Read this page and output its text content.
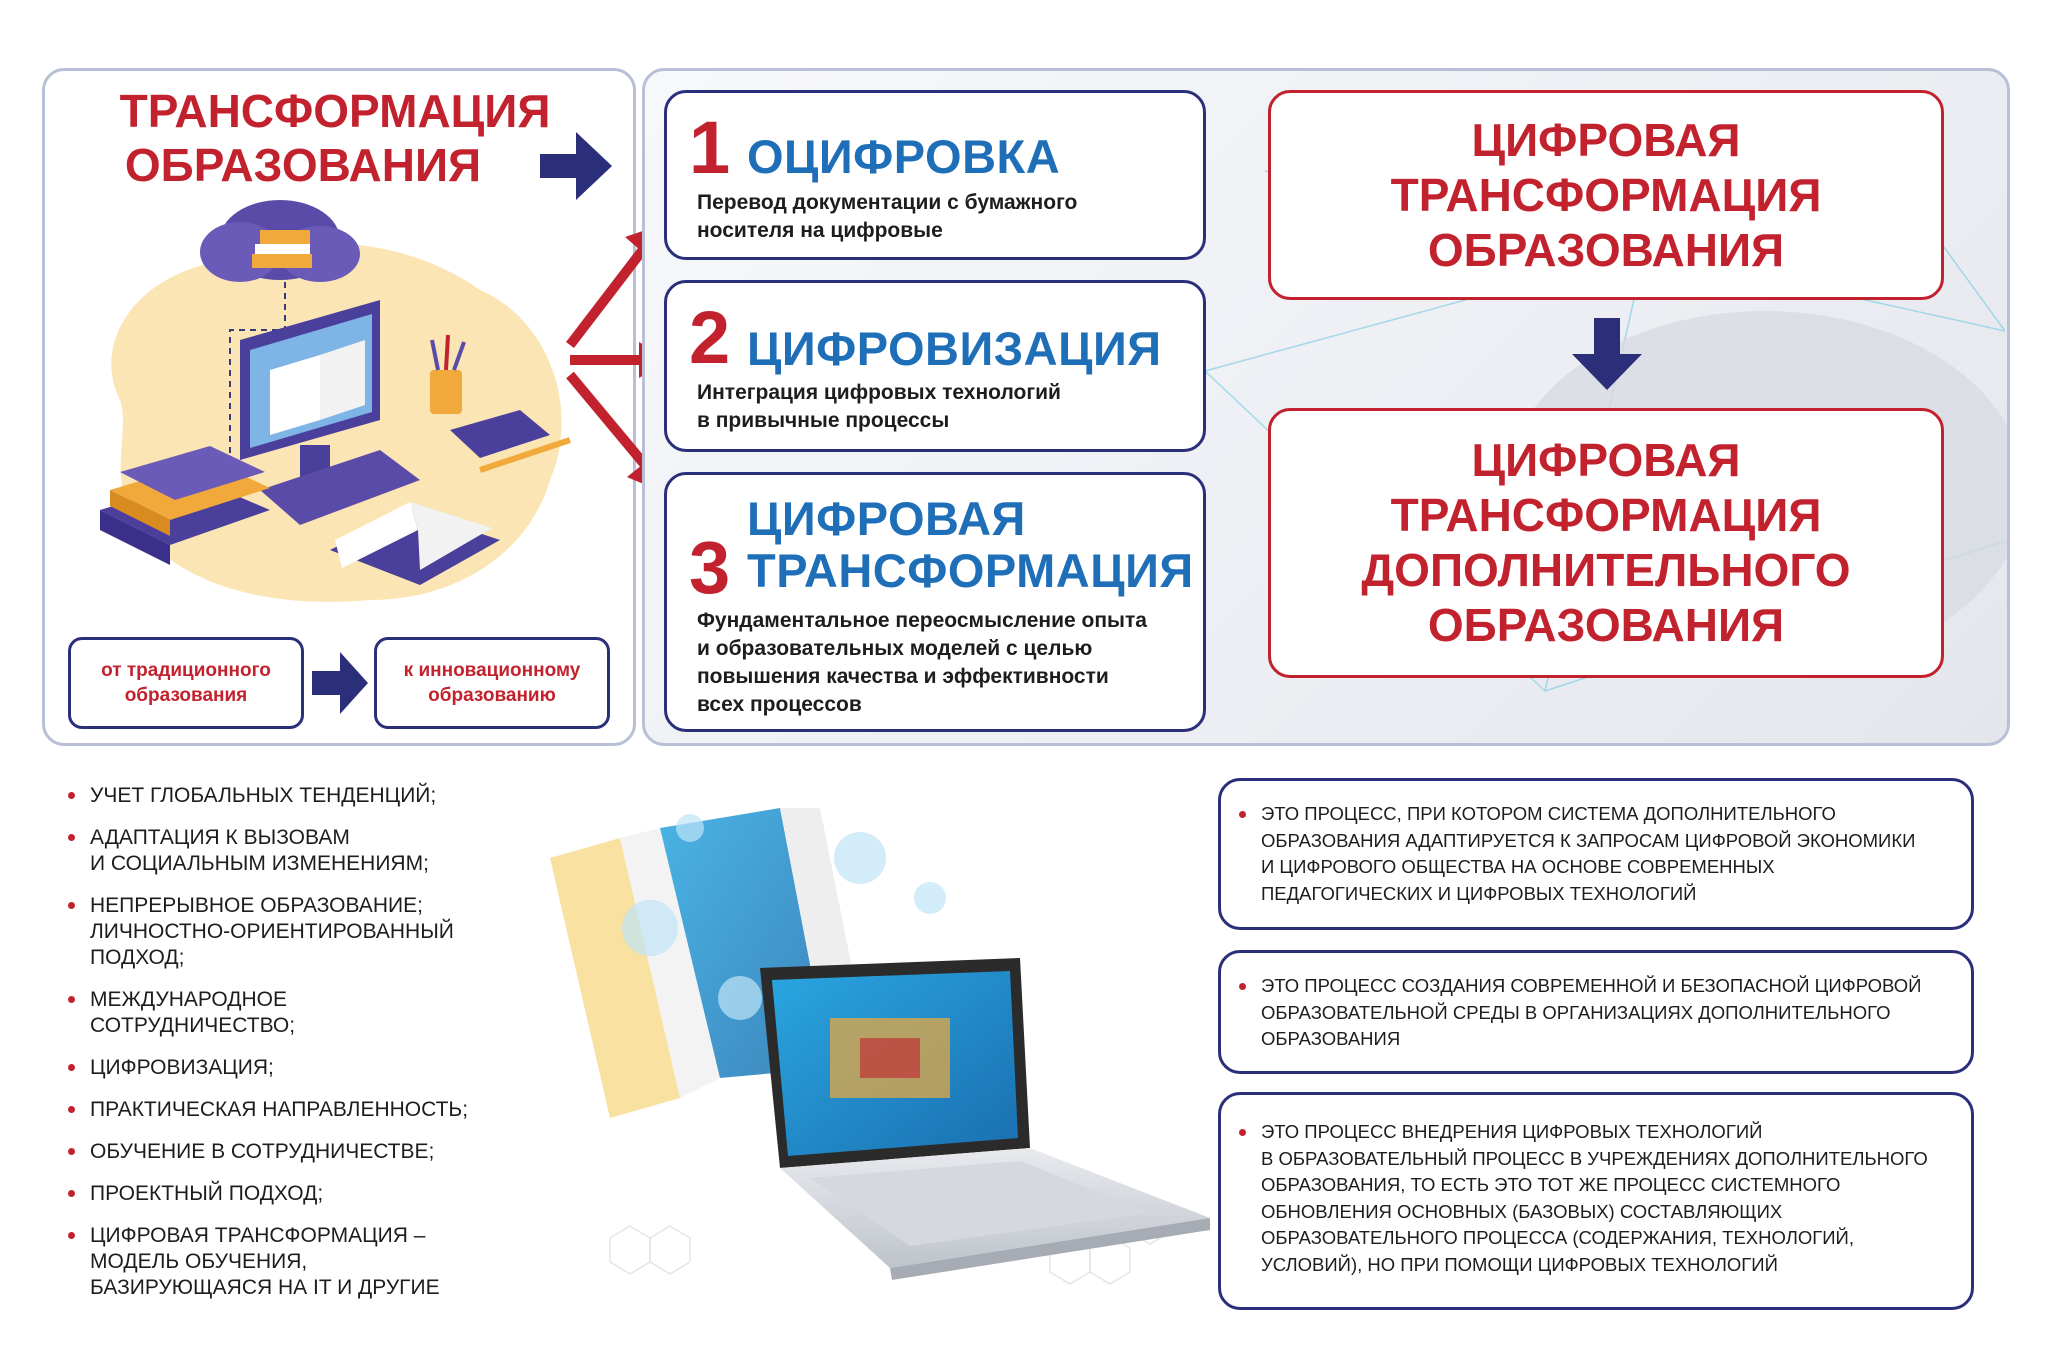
ТРАНСФОРМАЦИЯ
ОБРАЗОВАНИЯ
от традиционного
образования
к инновационному
образованию
1 ОЦИФРОВКА
Перевод документации с бумажного
носителя на цифровые
2 ЦИФРОВИЗАЦИЯ
Интеграция цифровых технологий
в привычные процессы
3
ЦИФРОВАЯ
ТРАНСФОРМАЦИЯ
Фундаментальное переосмысление опыта
и образовательных моделей с целью
повышения качества и эффективности
всех процессов
ЦИФРОВАЯ
ТРАНСФОРМАЦИЯ
ОБРАЗОВАНИЯ
ЦИФРОВАЯ
ТРАНСФОРМАЦИЯ
ДОПОЛНИТЕЛЬНОГО
ОБРАЗОВАНИЯ
УЧЕТ ГЛОБАЛЬНЫХ ТЕНДЕНЦИЙ;
АДАПТАЦИЯ К ВЫЗОВАМ
И СОЦИАЛЬНЫМ ИЗМЕНЕНИЯМ;
НЕПРЕРЫВНОЕ ОБРАЗОВАНИЕ;
ЛИЧНОСТНО-ОРИЕНТИРОВАННЫЙ
ПОДХОД;
МЕЖДУНАРОДНОЕ
СОТРУДНИЧЕСТВО;
ЦИФРОВИЗАЦИЯ;
ПРАКТИЧЕСКАЯ НАПРАВЛЕННОСТЬ;
ОБУЧЕНИЕ В СОТРУДНИЧЕСТВЕ;
ПРОЕКТНЫЙ ПОДХОД;
ЦИФРОВАЯ ТРАНСФОРМАЦИЯ –
МОДЕЛЬ ОБУЧЕНИЯ,
БАЗИРУЮЩАЯСЯ НА IT И ДРУГИЕ

ЭТО ПРОЦЕСС, ПРИ КОТОРОМ СИСТЕМА ДОПОЛНИТЕЛЬНОГО
ОБРАЗОВАНИЯ АДАПТИРУЕТСЯ К ЗАПРОСАМ ЦИФРОВОЙ ЭКОНОМИКИ
И ЦИФРОВОГО ОБЩЕСТВА НА ОСНОВЕ СОВРЕМЕННЫХ
ПЕДАГОГИЧЕСКИХ И ЦИФРОВЫХ ТЕХНОЛОГИЙ

ЭТО ПРОЦЕСС СОЗДАНИЯ СОВРЕМЕННОЙ И БЕЗОПАСНОЙ ЦИФРОВОЙ
ОБРАЗОВАТЕЛЬНОЙ СРЕДЫ В ОРГАНИЗАЦИЯХ ДОПОЛНИТЕЛЬНОГО
ОБРАЗОВАНИЯ

ЭТО ПРОЦЕСС ВНЕДРЕНИЯ ЦИФРОВЫХ ТЕХНОЛОГИЙ
В ОБРАЗОВАТЕЛЬНЫЙ ПРОЦЕСС В УЧРЕЖДЕНИЯХ ДОПОЛНИТЕЛЬНОГО
ОБРАЗОВАНИЯ, ТО ЕСТЬ ЭТО ТОТ ЖЕ ПРОЦЕСС СИСТЕМНОГО
ОБНОВЛЕНИЯ ОСНОВНЫХ (БАЗОВЫХ) СОСТАВЛЯЮЩИХ
ОБРАЗОВАТЕЛЬНОГО ПРОЦЕССА (СОДЕРЖАНИЯ, ТЕХНОЛОГИЙ,
УСЛОВИЙ), НО ПРИ ПОМОЩИ ЦИФРОВЫХ ТЕХНОЛОГИЙ
